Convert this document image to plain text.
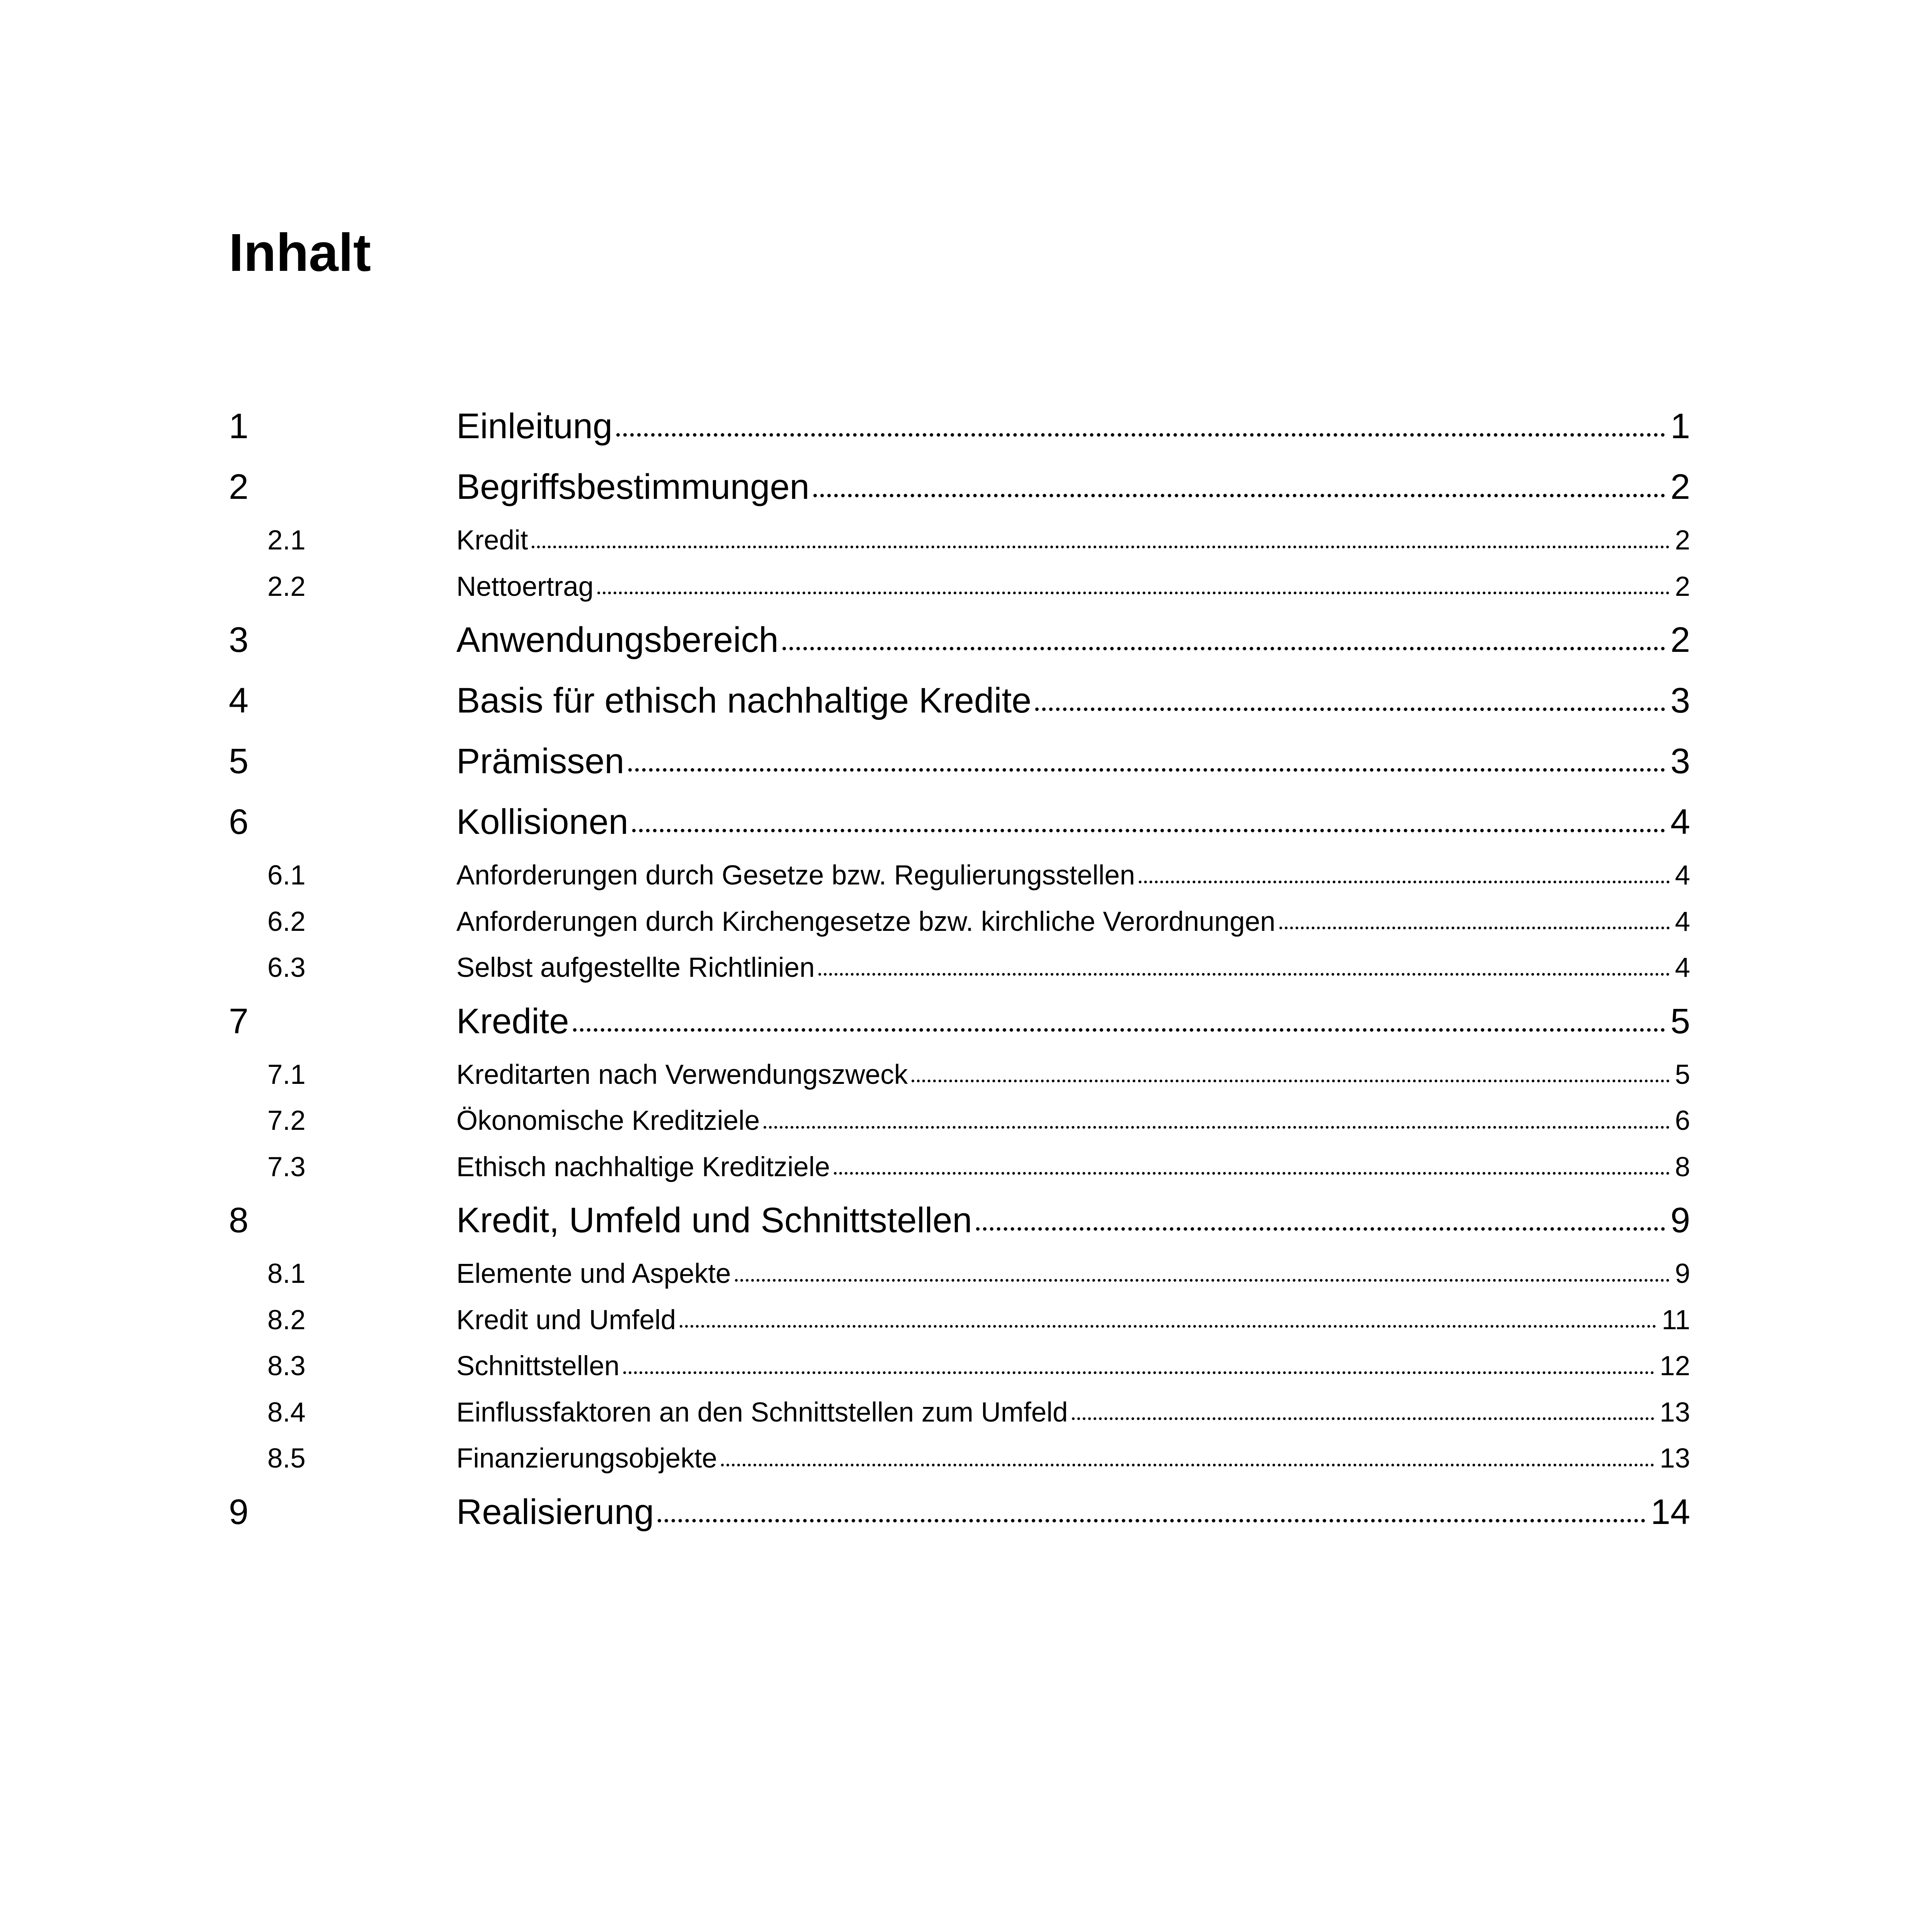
Inhalt
1	Einleitung	1
2	Begriffsbestimmungen	2
2.1	Kredit	2
2.2	Nettoertrag	2
3	Anwendungsbereich	2
4	Basis für ethisch nachhaltige Kredite	3
5	Prämissen	3
6	Kollisionen	4
6.1	Anforderungen durch Gesetze bzw. Regulierungsstellen	4
6.2	Anforderungen durch Kirchengesetze bzw. kirchliche Verordnungen	4
6.3	Selbst aufgestellte Richtlinien	4
7	Kredite	5
7.1	Kreditarten nach Verwendungszweck	5
7.2	Ökonomische Kreditziele	6
7.3	Ethisch nachhaltige Kreditziele	8
8	Kredit, Umfeld und Schnittstellen	9
8.1	Elemente und Aspekte	9
8.2	Kredit und Umfeld	11
8.3	Schnittstellen	12
8.4	Einflussfaktoren an den Schnittstellen zum Umfeld	13
8.5	Finanzierungsobjekte	13
9	Realisierung	14
